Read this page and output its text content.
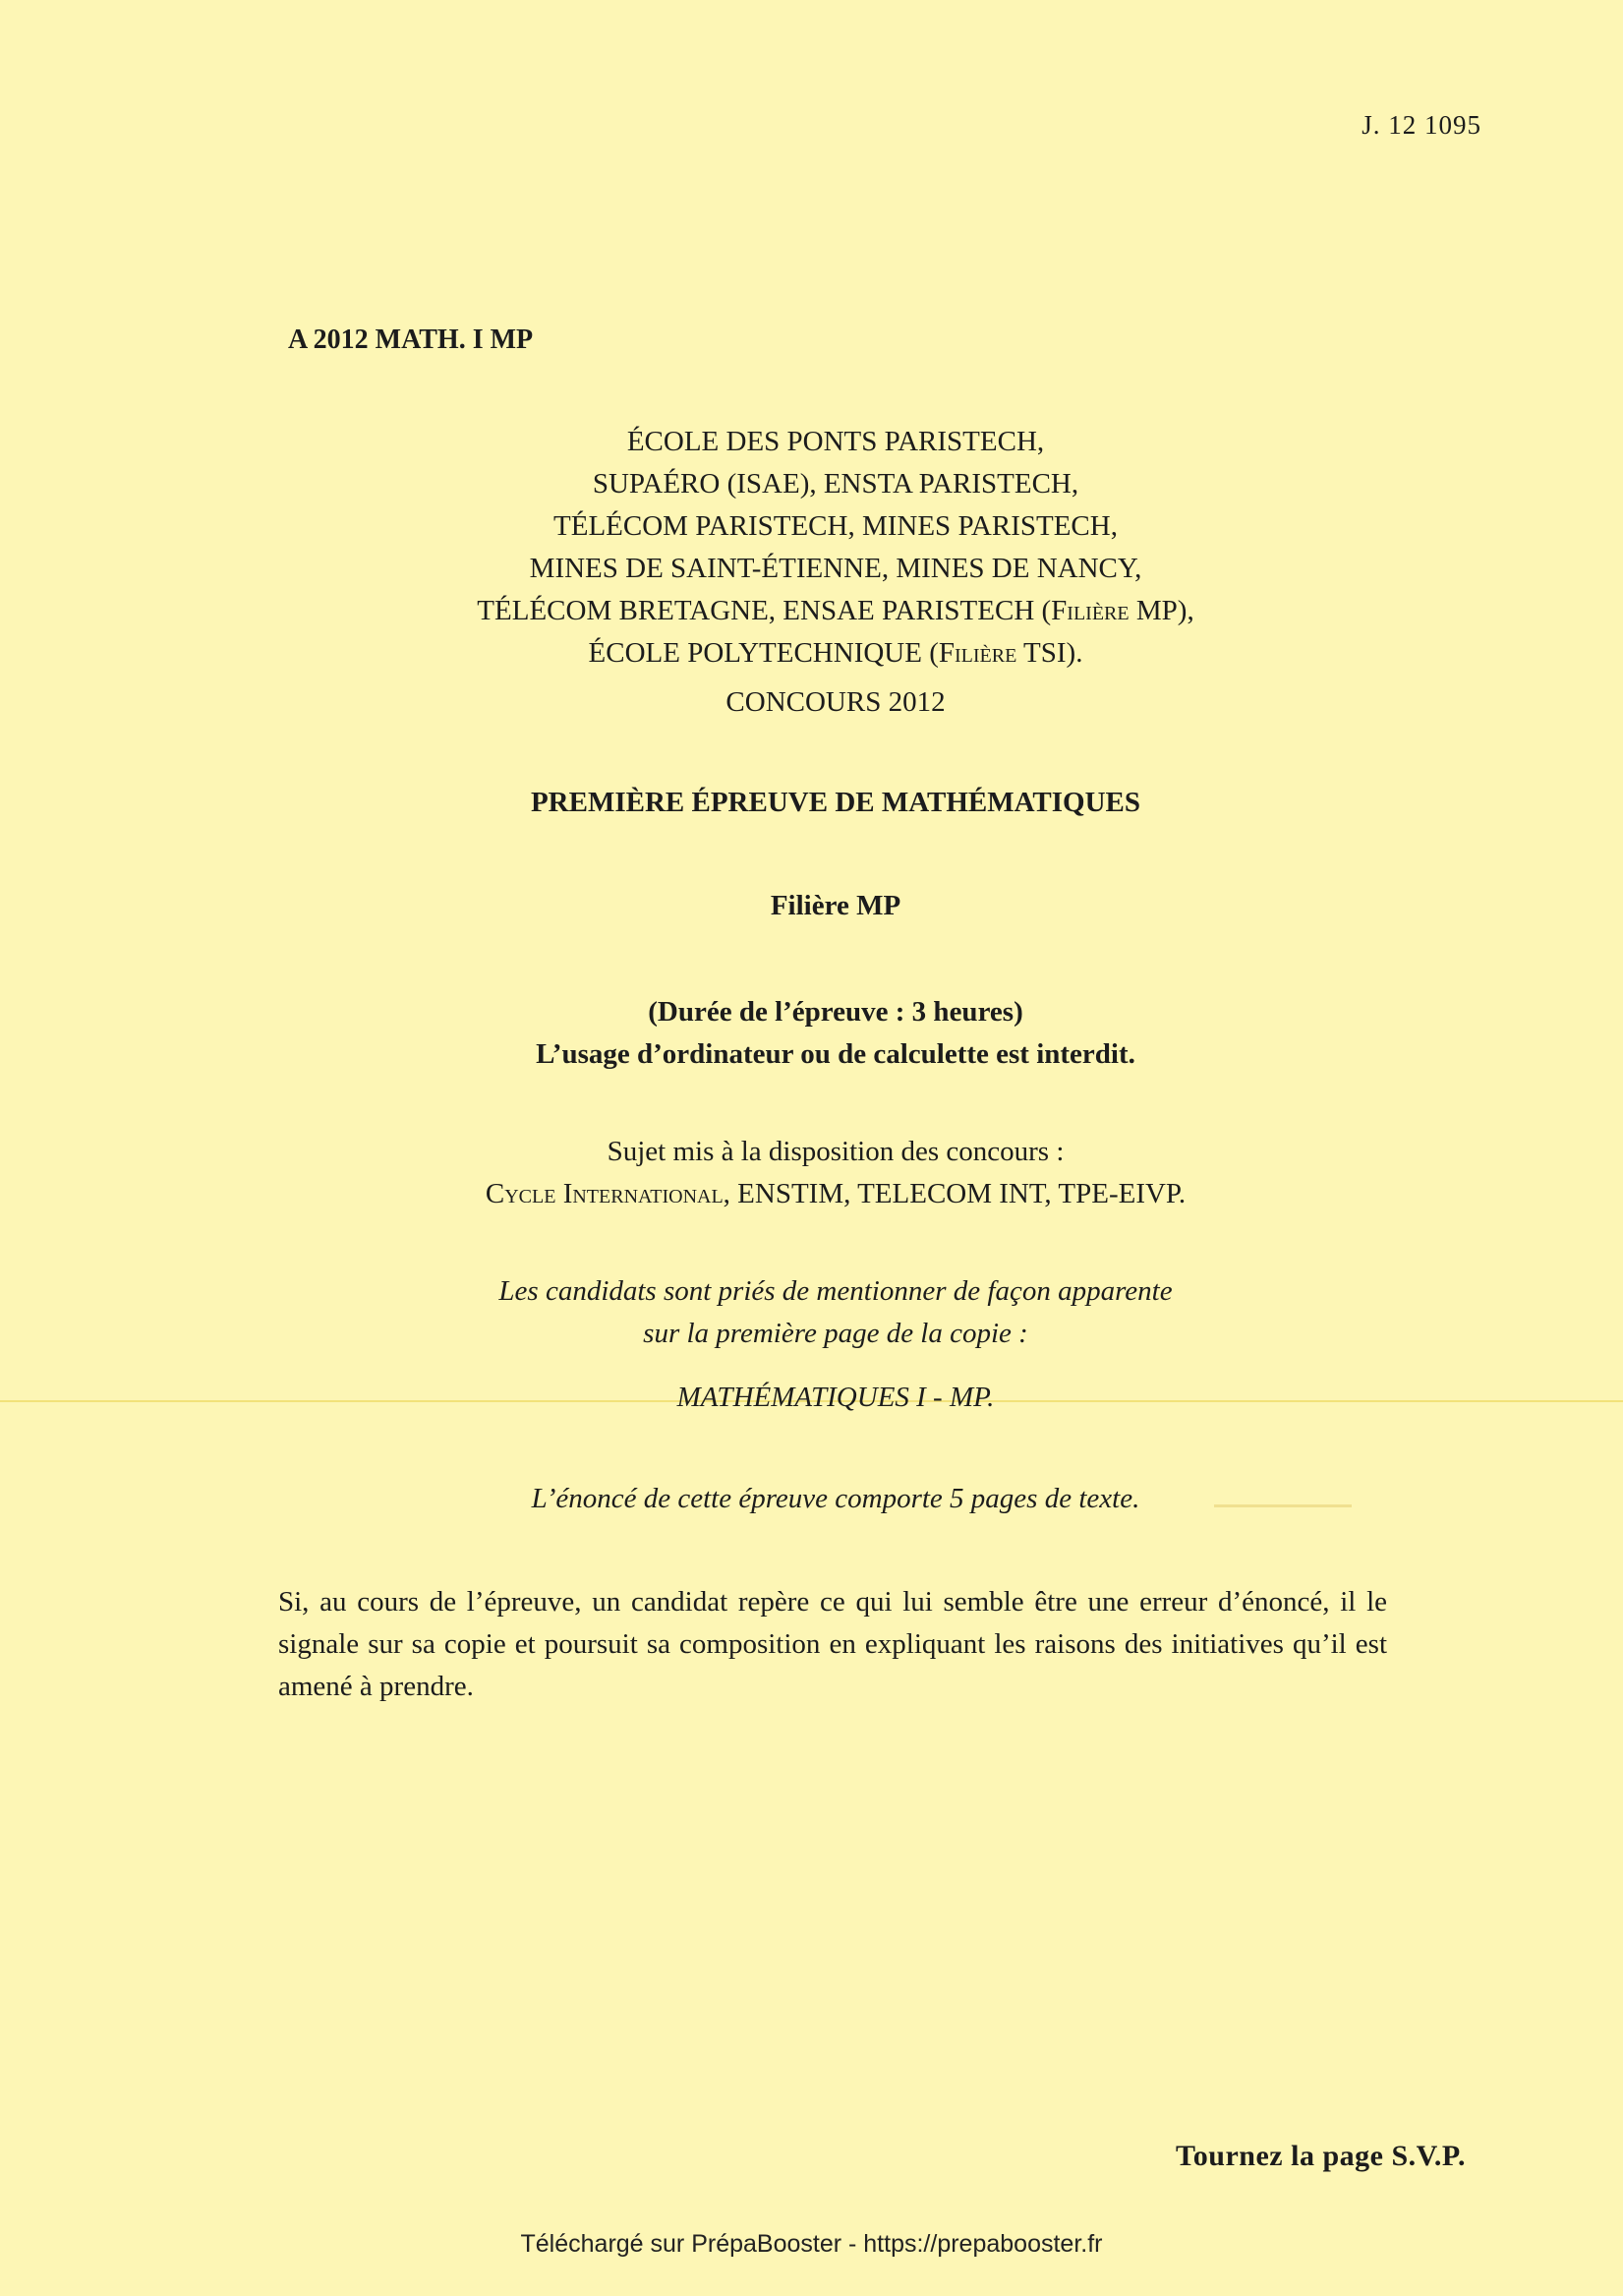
J. 12 1095
A 2012 MATH. I MP
ÉCOLE DES PONTS PARISTECH,
SUPAÉRO (ISAE), ENSTA PARISTECH,
TÉLÉCOM PARISTECH, MINES PARISTECH,
MINES DE SAINT-ÉTIENNE, MINES DE NANCY,
TÉLÉCOM BRETAGNE, ENSAE PARISTECH (Filière MP),
ÉCOLE POLYTECHNIQUE (Filière TSI).
CONCOURS 2012
PREMIÈRE ÉPREUVE DE MATHÉMATIQUES
Filière MP
(Durée de l’épreuve : 3 heures)
L’usage d’ordinateur ou de calculette est interdit.
Sujet mis à la disposition des concours :
Cycle International, ENSTIM, TELECOM INT, TPE-EIVP.
Les candidats sont priés de mentionner de façon apparente
sur la première page de la copie :
MATHÉMATIQUES I - MP.
L’énoncé de cette épreuve comporte 5 pages de texte.
Si, au cours de l’épreuve, un candidat repère ce qui lui semble être une erreur d’énoncé, il le signale sur sa copie et poursuit sa composition en expliquant les raisons des initiatives qu’il est amené à prendre.
Tournez la page S.V.P.
Téléchargé sur PrépaBooster - https://prepabooster.fr
